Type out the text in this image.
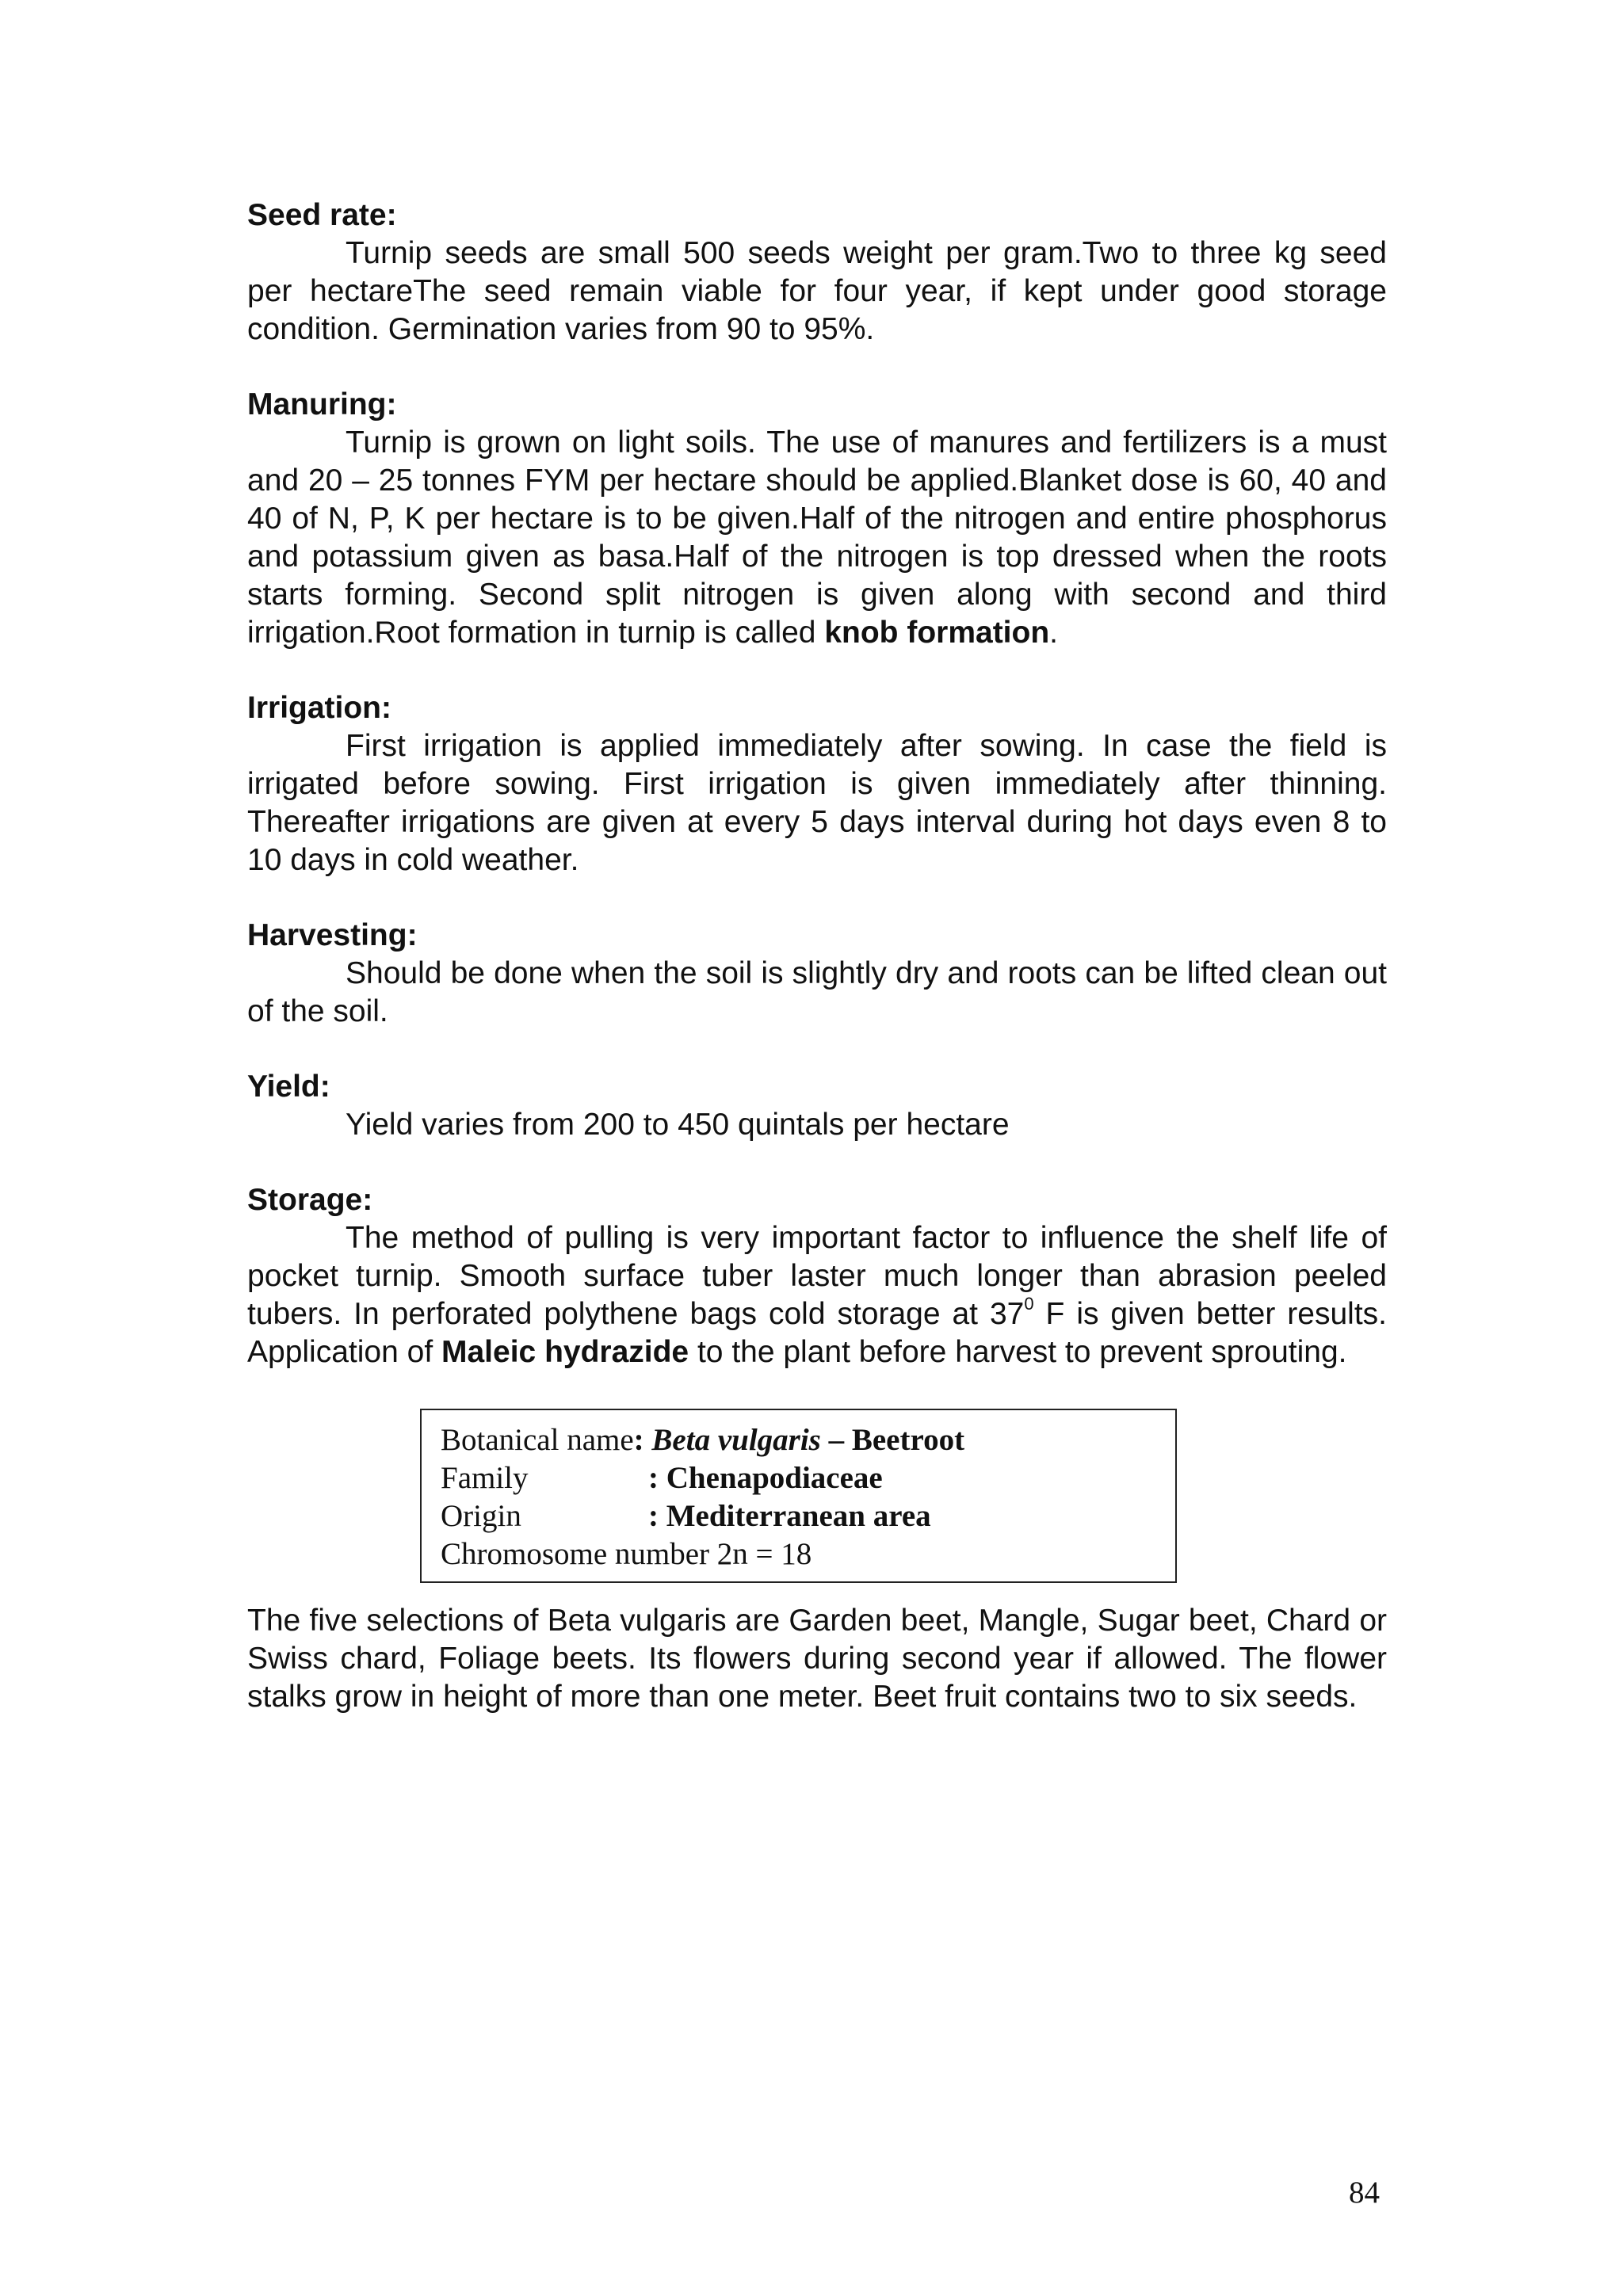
Seed rate:

Turnip seeds are small 500 seeds weight per gram.Two to three kg seed per hectareThe seed remain viable for four year, if kept under good storage condition. Germination varies from 90 to 95%.

Manuring:

Turnip is grown on light soils. The use of manures and fertilizers is a must and 20 – 25 tonnes FYM per hectare should be applied.Blanket dose is 60, 40 and 40 of N, P, K per hectare is to be given.Half of the nitrogen and entire phosphorus and potassium given as basa.Half of the nitrogen is top dressed when the roots starts forming. Second split nitrogen is given along with second and third irrigation.Root formation in turnip is called knob formation.

Irrigation:

First irrigation is applied immediately after sowing. In case the field is irrigated before sowing. First irrigation is given immediately after thinning. Thereafter irrigations are given at every 5 days interval during hot days even 8 to 10 days in cold weather.

Harvesting:

Should be done when the soil is slightly dry and roots can be lifted clean out of the soil.

Yield:

Yield varies from 200 to 450 quintals per hectare

Storage:

The method of pulling is very important factor to influence the shelf life of pocket turnip. Smooth surface tuber laster much longer than abrasion peeled tubers. In perforated polythene bags cold storage at $37^0$ F is given better results. Application of Maleic hydrazide to the plant before harvest to prevent sprouting.

Botanical name: Beta vulgaris – Beetroot
Family	: Chenapodiaceae
Origin	: Mediterranean area
Chromosome number 2n = 18

The five selections of Beta vulgaris are Garden beet, Mangle, Sugar beet, Chard or Swiss chard, Foliage beets. Its flowers during second year if allowed. The flower stalks grow in height of more than one meter. Beet fruit contains two to six seeds.

84
